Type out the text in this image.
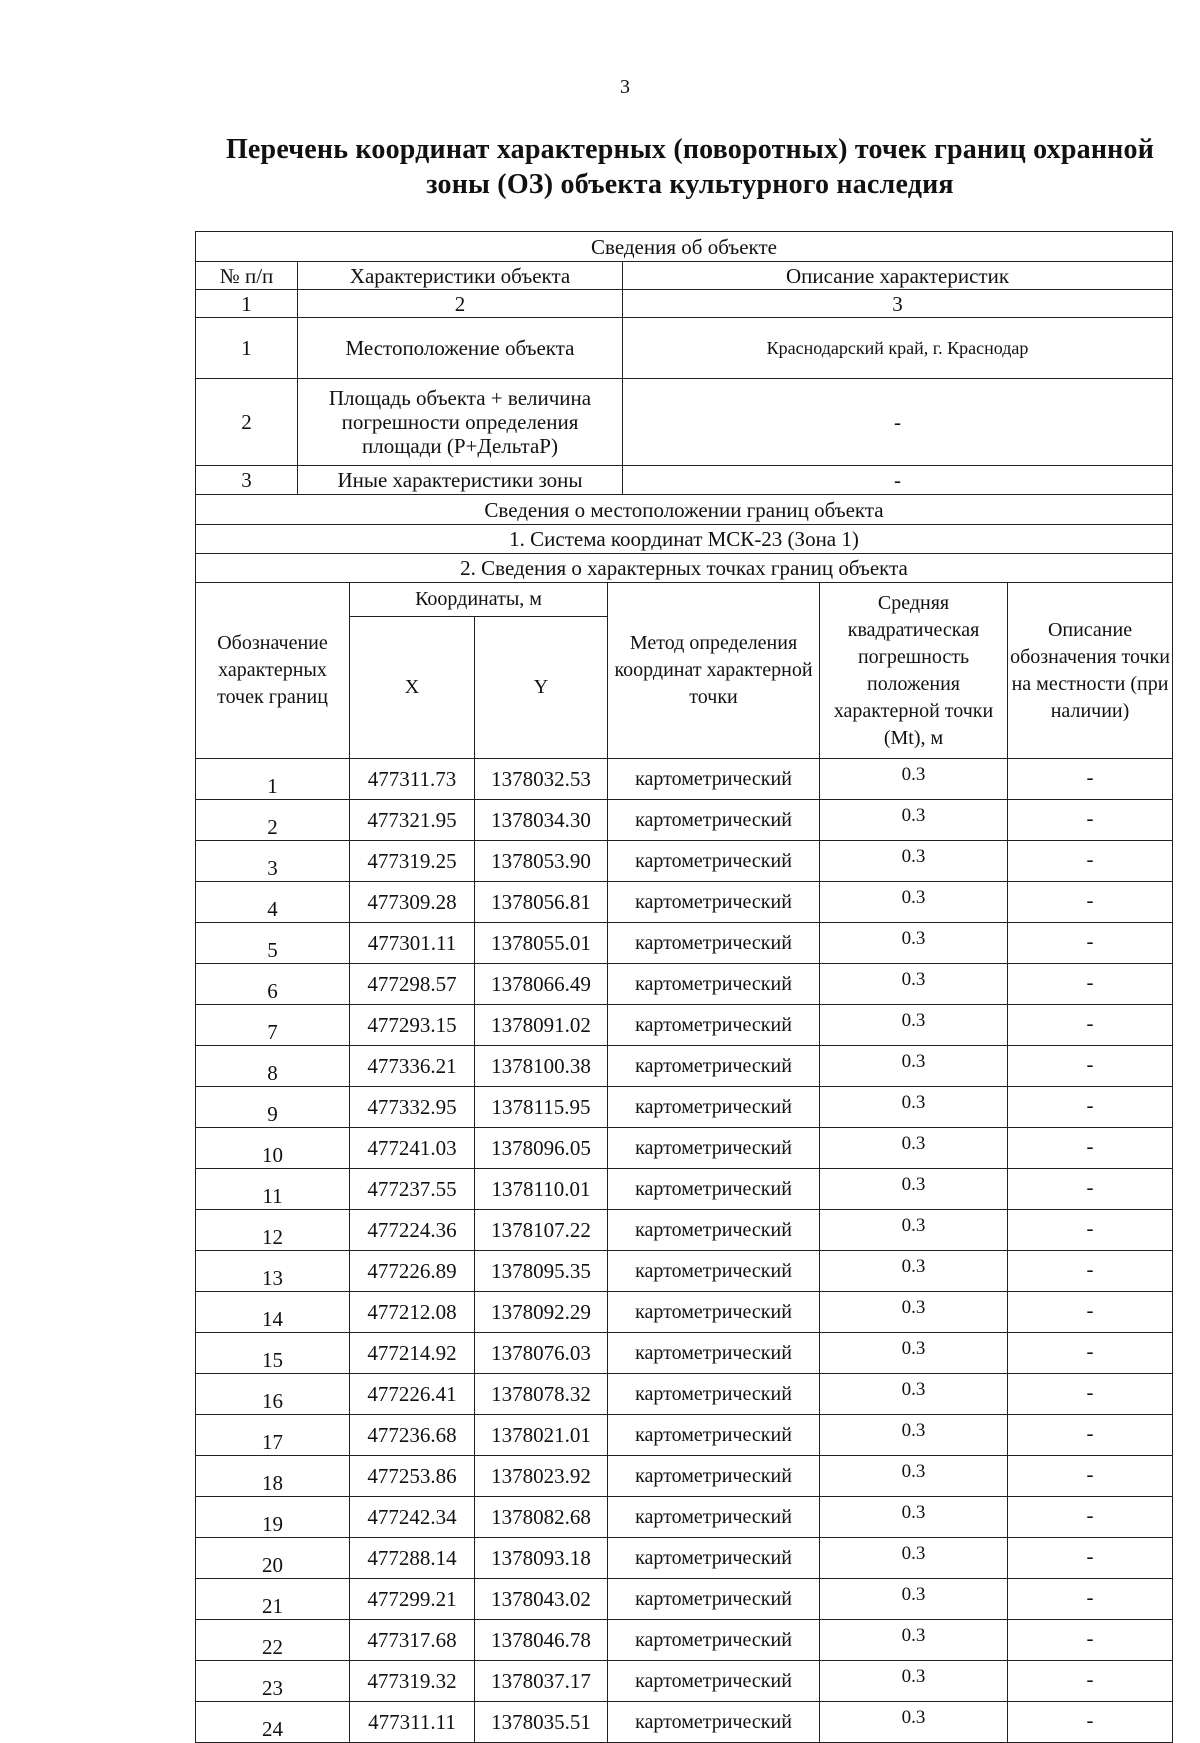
3
Перечень координат характерных (поворотных) точек границ охранной
зоны (ОЗ) объекта культурного наследия
Сведения об объекте		
№ п/п	Характеристики объекта	Описание характеристик
1	2	3
1	Местоположение объекта	Краснодарский край, г. Краснодар
2	Площадь объекта + величина погрешности определения площади (Р+ДельтаР)	-
3	Иные характеристики зоны	-
Сведения о местоположении границ объекта		
1. Система координат МСК-23 (Зона 1)		
2. Сведения о характерных точках границ объекта		
Обозначение характерных точек границ	Координаты, м		Метод определения координат характерной точки	Средняя квадратическая погрешность положения характерной точки (Mt), м	Описание обозначения точки на местности (при наличии)
	X	Y			
1	477311.73	1378032.53	картометрический	0.3	-
2	477321.95	1378034.30	картометрический	0.3	-
3	477319.25	1378053.90	картометрический	0.3	-
4	477309.28	1378056.81	картометрический	0.3	-
5	477301.11	1378055.01	картометрический	0.3	-
6	477298.57	1378066.49	картометрический	0.3	-
7	477293.15	1378091.02	картометрический	0.3	-
8	477336.21	1378100.38	картометрический	0.3	-
9	477332.95	1378115.95	картометрический	0.3	-
10	477241.03	1378096.05	картометрический	0.3	-
11	477237.55	1378110.01	картометрический	0.3	-
12	477224.36	1378107.22	картометрический	0.3	-
13	477226.89	1378095.35	картометрический	0.3	-
14	477212.08	1378092.29	картометрический	0.3	-
15	477214.92	1378076.03	картометрический	0.3	-
16	477226.41	1378078.32	картометрический	0.3	-
17	477236.68	1378021.01	картометрический	0.3	-
18	477253.86	1378023.92	картометрический	0.3	-
19	477242.34	1378082.68	картометрический	0.3	-
20	477288.14	1378093.18	картометрический	0.3	-
21	477299.21	1378043.02	картометрический	0.3	-
22	477317.68	1378046.78	картометрический	0.3	-
23	477319.32	1378037.17	картометрический	0.3	-
24	477311.11	1378035.51	картометрический	0.3	-
